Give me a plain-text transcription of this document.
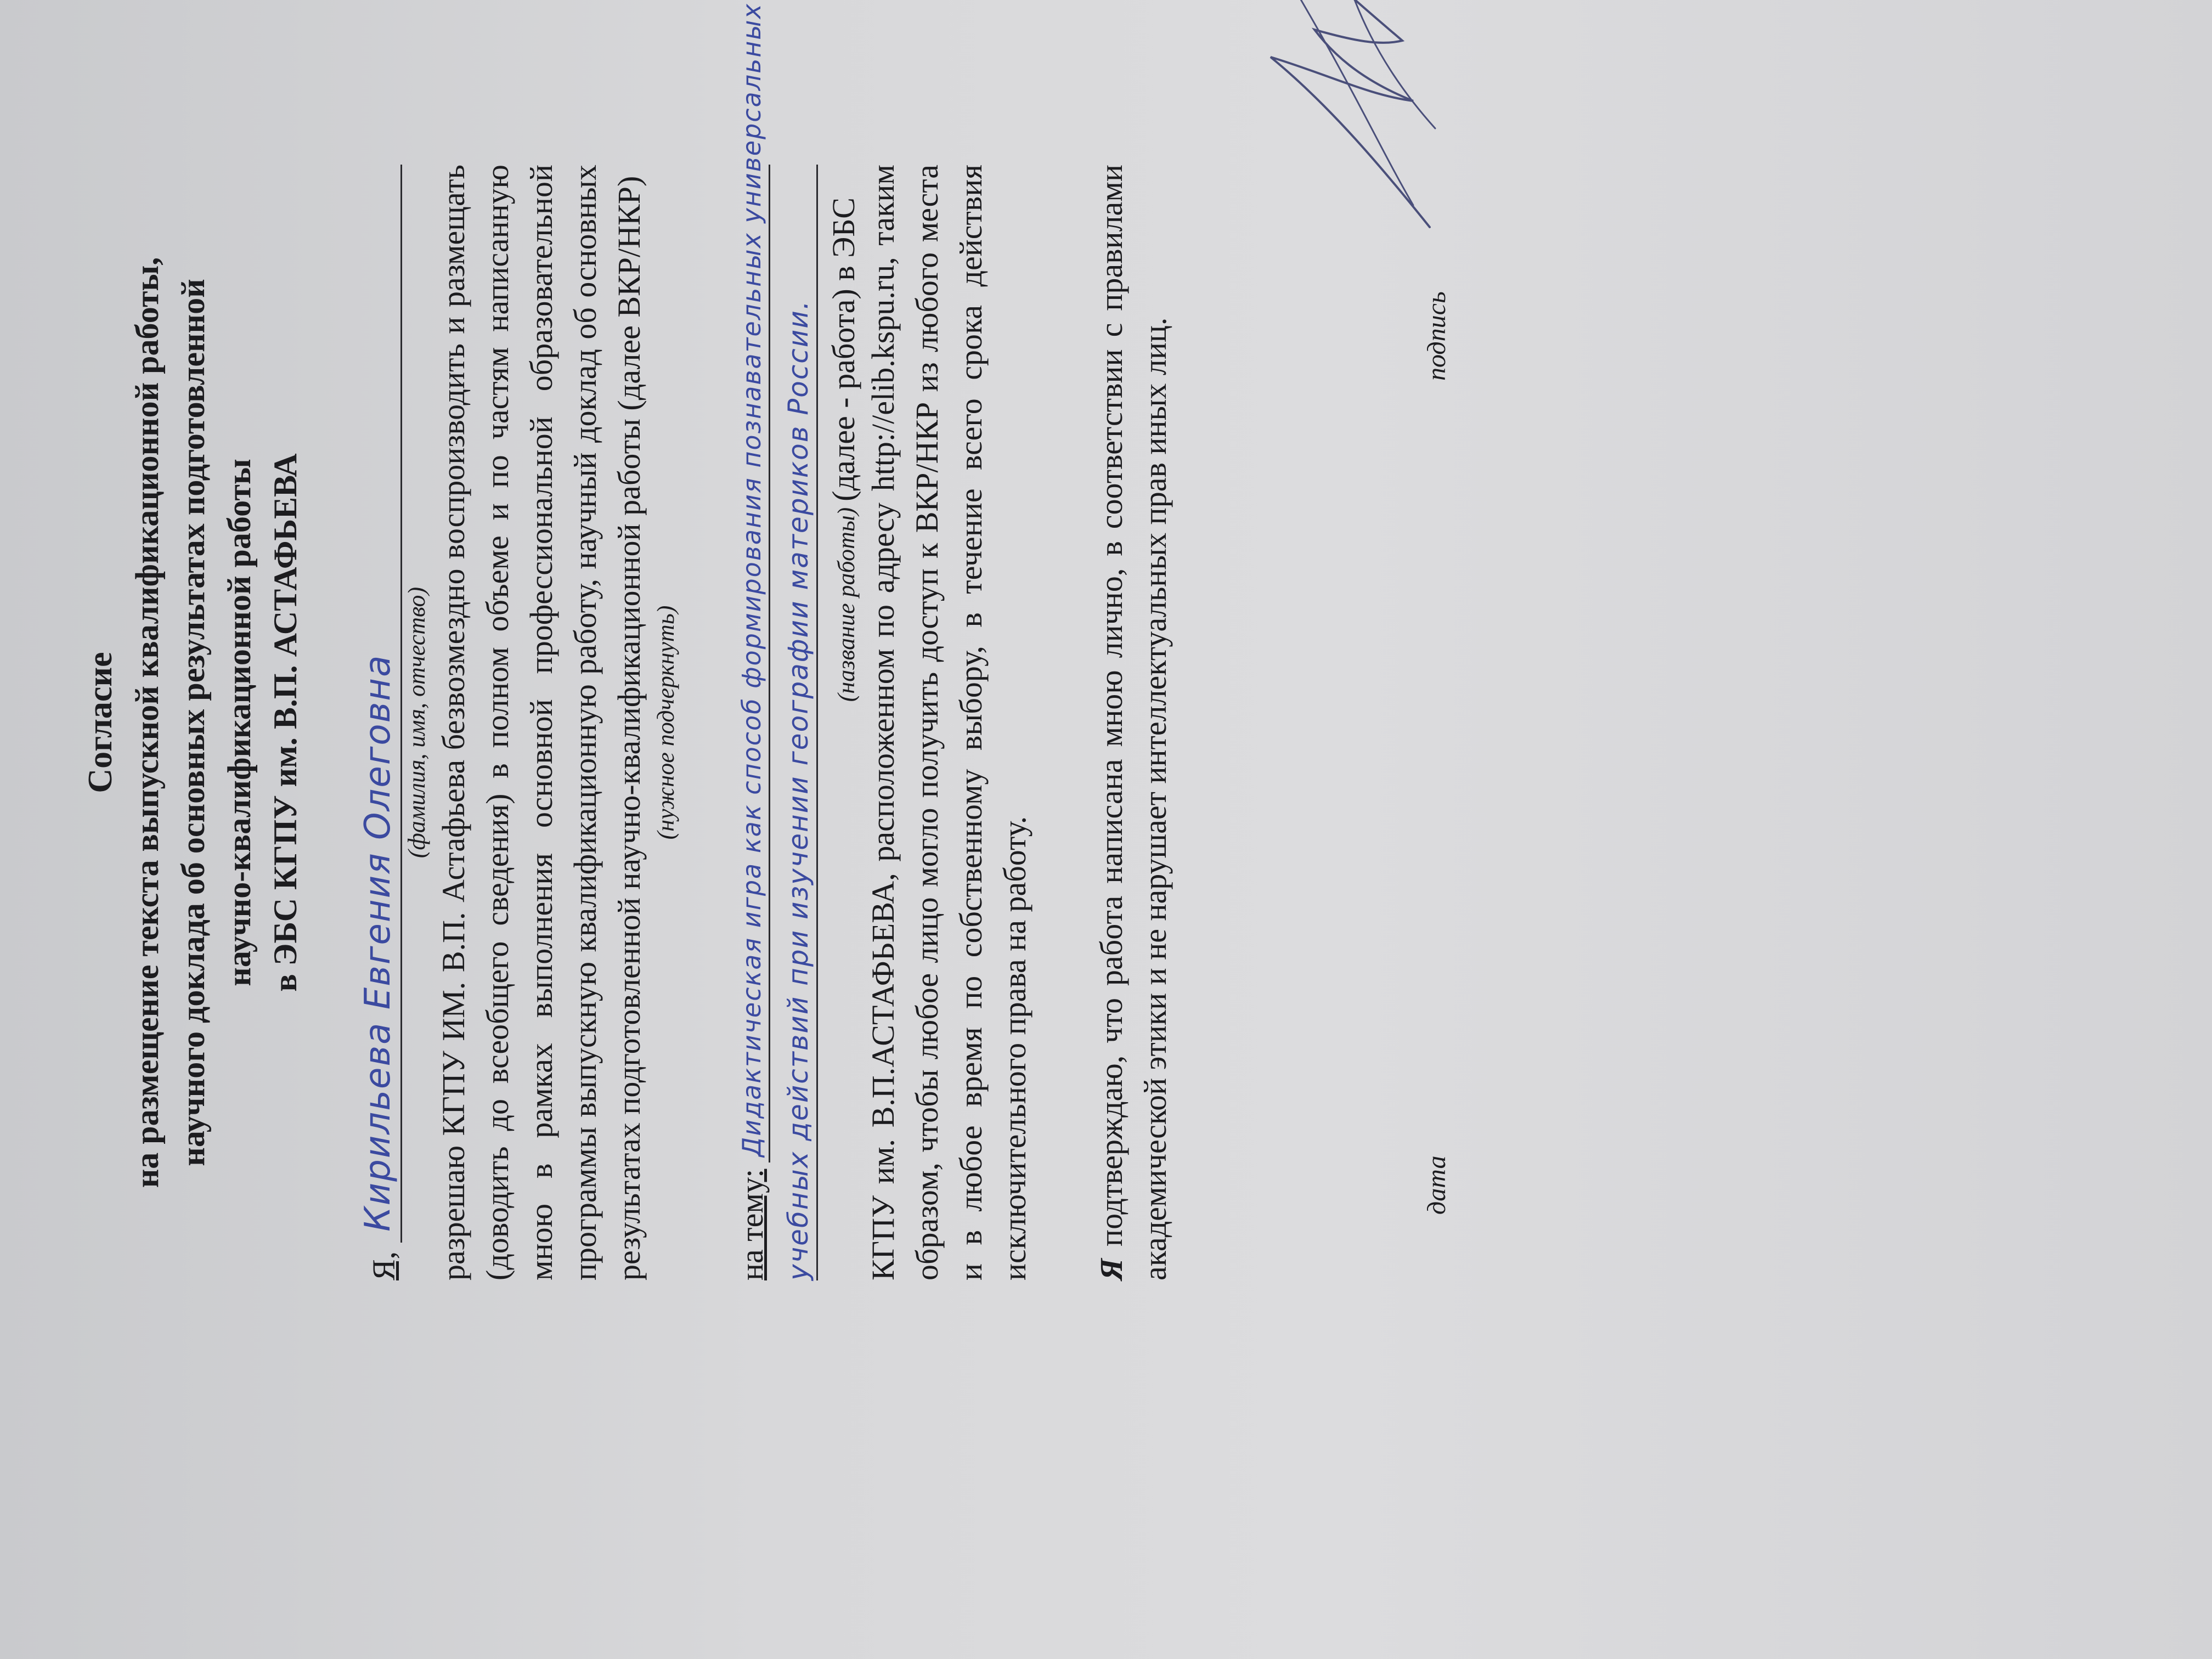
Согласие на размещение текста выпускной квалификационной работы, научного доклада об основных результатах подготовленной научно-квалификационной работы в ЭБС КГПУ им. В.П. АСТАФЬЕВА
Я,
Кирильева Евгения Олеговна (фамилия, имя, отчество) разрешаю КГПУ ИМ. В.П. Астафьева безвозмездно воспроизводить и размещать (доводить до всеобщего сведения) в полном объеме и по частям написанную мною в рамках выполнения основной профессиональной образовательной программы выпускную квалификационную работу, научный доклад об основных результатах подготовленной научно-квалификационной работы (далее ВКР/НКР) (нужное подчеркнуть)
на тему:
Дидактическая игра как способ формирования познавательных универсальных учебных действий при изучении географии материков России. (название работы) (далее - работа) в ЭБС КГПУ им. В.П.АСТАФЬЕВА, расположенном по адресу http://elib.kspu.ru, таким образом, чтобы любое лицо могло получить доступ к ВКР/НКР из любого места и в любое время по собственному выбору, в течение всего срока действия исключительного права на работу. Я подтверждаю, что работа написана мною лично, в соответствии с правилами академической этики и не нарушает интеллектуальных прав иных лиц.	дата
подпись
